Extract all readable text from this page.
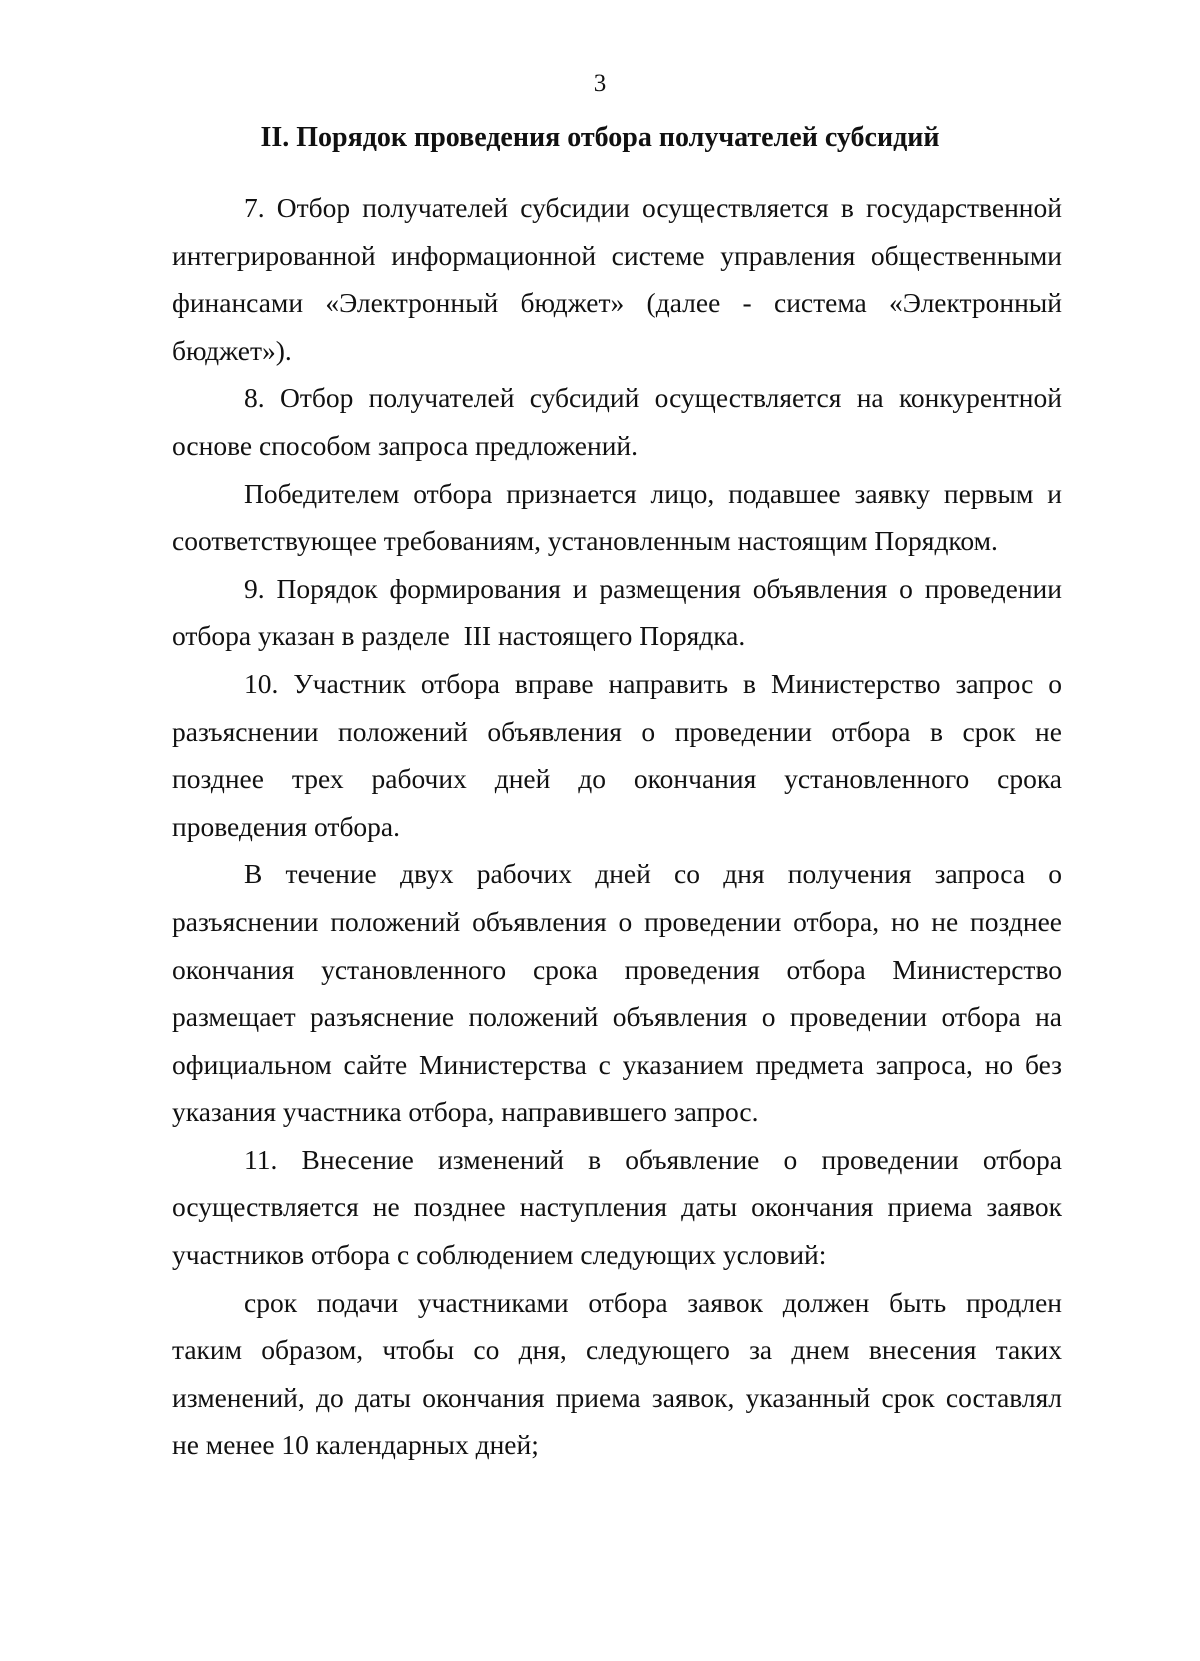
3
II. Порядок проведения отбора получателей субсидий
7. Отбор получателей субсидии осуществляется в государственной
интегрированной информационной системе управления общественными
финансами «Электронный бюджет» (далее - система «Электронный
бюджет»).
8. Отбор получателей субсидий осуществляется на конкурентной
основе способом запроса предложений.
Победителем отбора признается лицо, подавшее заявку первым и
соответствующее требованиям, установленным настоящим Порядком.
9. Порядок формирования и размещения объявления о проведении
отбора указан в разделе  III настоящего Порядка.
10. Участник отбора вправе направить в Министерство запрос о
разъяснении положений объявления о проведении отбора в срок не
позднее трех рабочих дней до окончания установленного срока
проведения отбора.
В течение двух рабочих дней со дня получения запроса о
разъяснении положений объявления о проведении отбора, но не позднее
окончания установленного срока проведения отбора Министерство
размещает разъяснение положений объявления о проведении отбора на
официальном сайте Министерства с указанием предмета запроса, но без
указания участника отбора, направившего запрос.
11. Внесение изменений в объявление о проведении отбора
осуществляется не позднее наступления даты окончания приема заявок
участников отбора с соблюдением следующих условий:
срок подачи участниками отбора заявок должен быть продлен
таким образом, чтобы со дня, следующего за днем внесения таких
изменений, до даты окончания приема заявок, указанный срок составлял
не менее 10 календарных дней;
